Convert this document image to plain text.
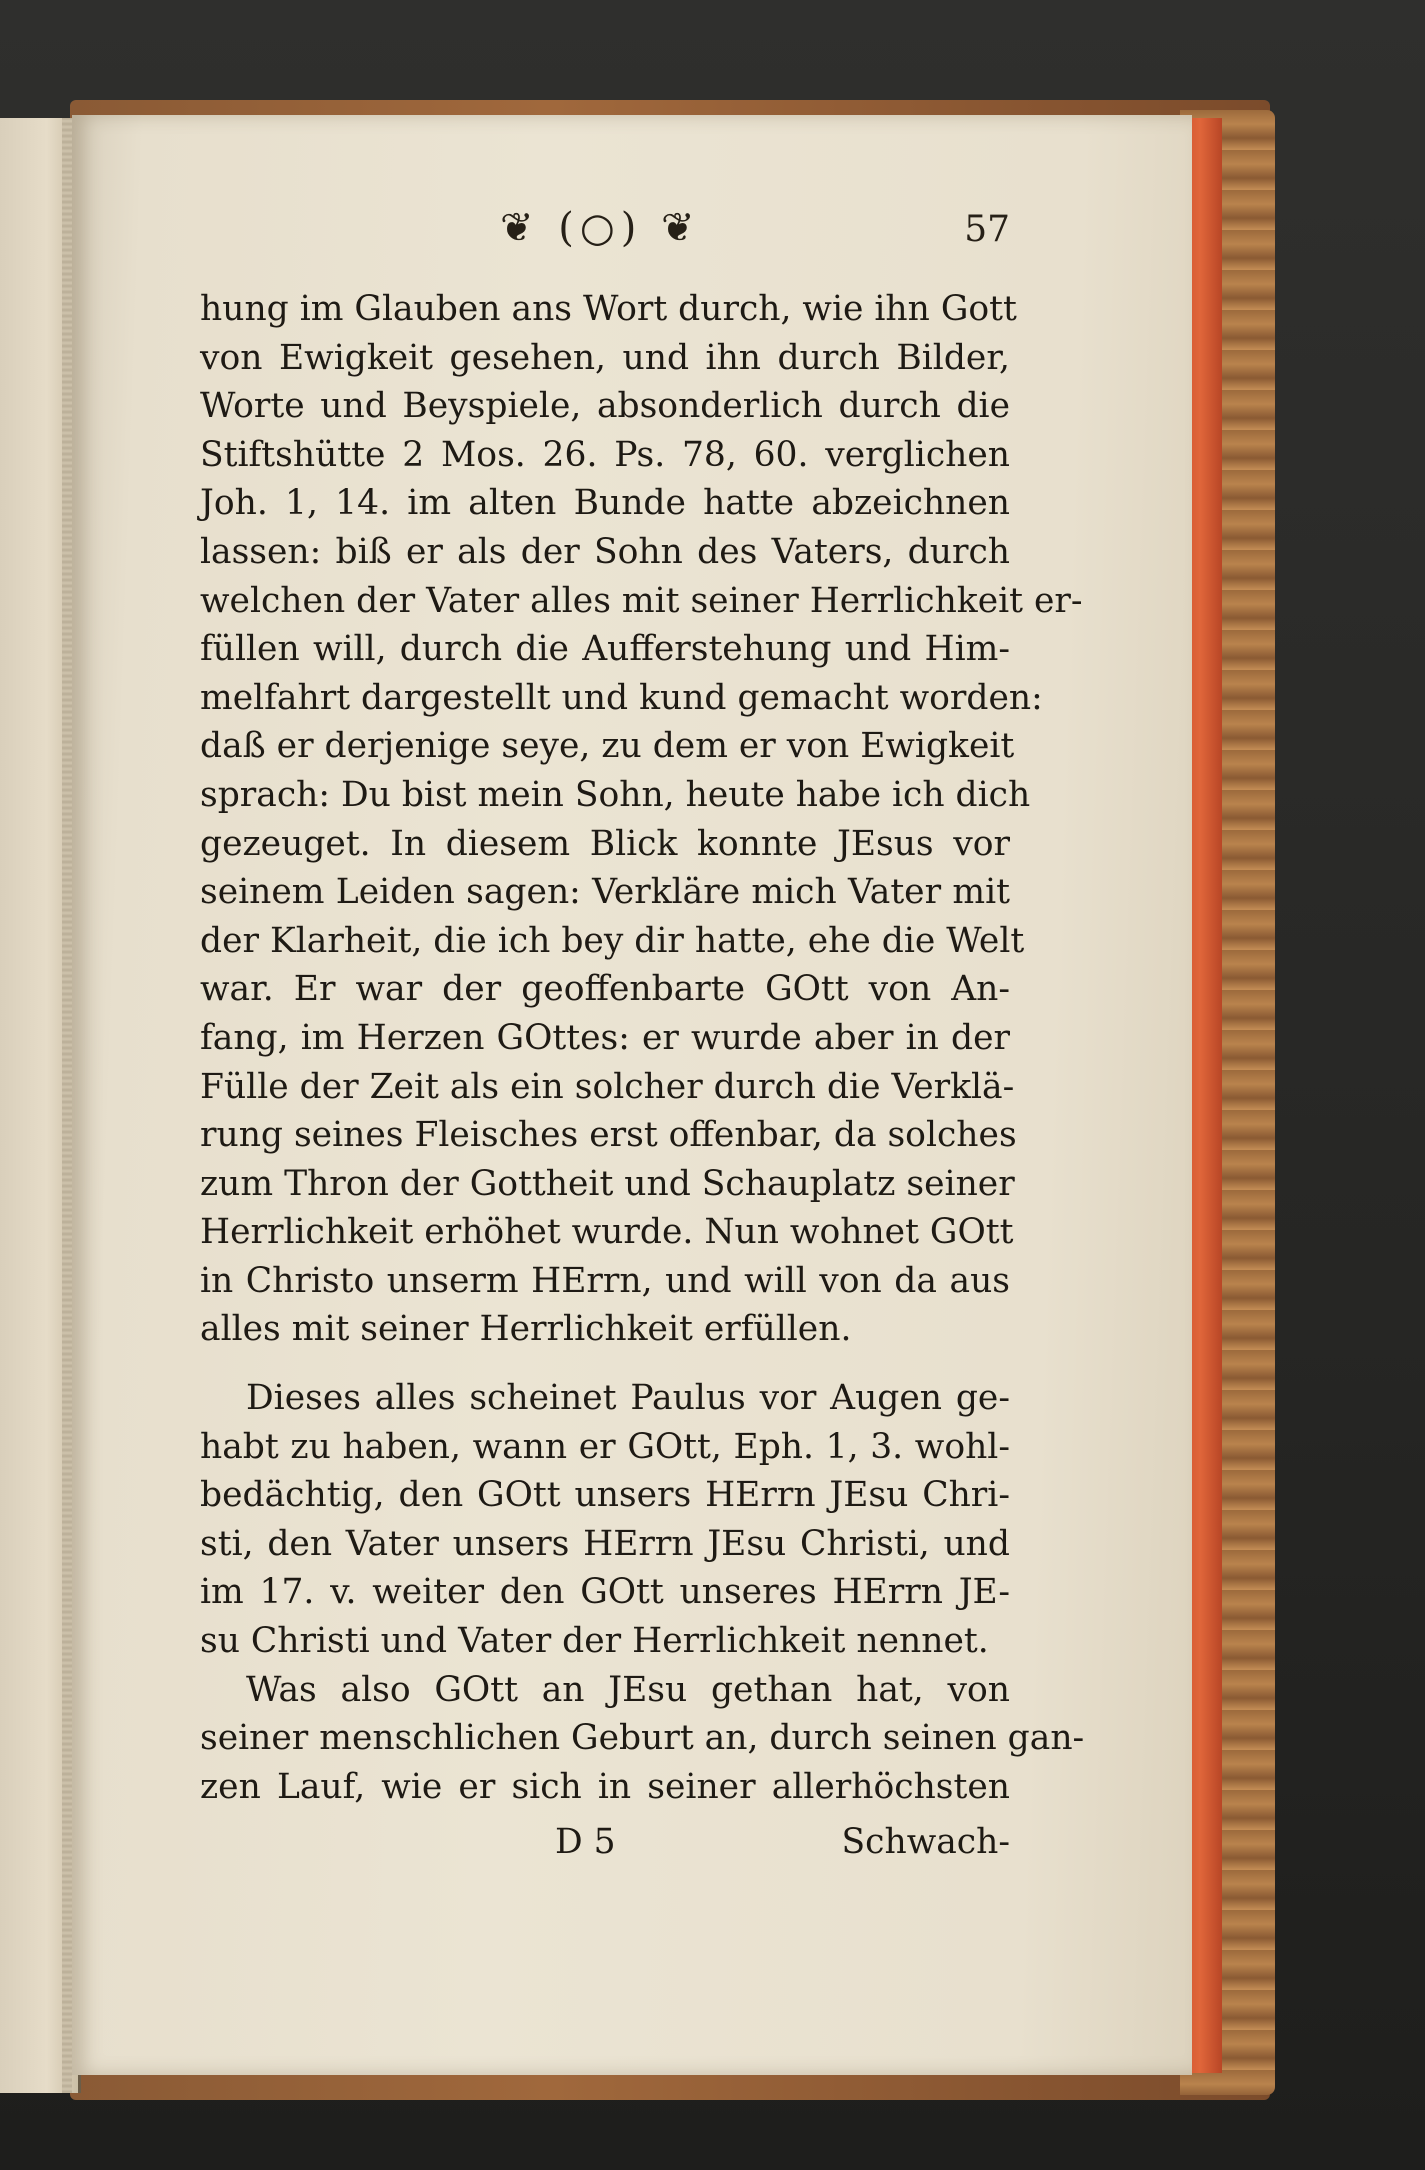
❦ (○) ❦	57
hung im Glauben ans Wort durch, wie ihn Gott
von Ewigkeit gesehen, und ihn durch Bilder,
Worte und Beyspiele, absonderlich durch die
Stiftshütte 2 Mos. 26. Ps. 78, 60. verglichen
Joh. 1, 14. im alten Bunde hatte abzeichnen
lassen: biß er als der Sohn des Vaters, durch
welchen der Vater alles mit seiner Herrlichkeit er-
füllen will, durch die Aufferstehung und Him-
melfahrt dargestellt und kund gemacht worden:
daß er derjenige seye, zu dem er von Ewigkeit
sprach: Du bist mein Sohn, heute habe ich dich
gezeuget. In diesem Blick konnte JEsus vor
seinem Leiden sagen: Verkläre mich Vater mit
der Klarheit, die ich bey dir hatte, ehe die Welt
war. Er war der geoffenbarte GOtt von An-
fang, im Herzen GOttes: er wurde aber in der
Fülle der Zeit als ein solcher durch die Verklä-
rung seines Fleisches erst offenbar, da solches
zum Thron der Gottheit und Schauplatz seiner
Herrlichkeit erhöhet wurde. Nun wohnet GOtt
in Christo unserm HErrn, und will von da aus
alles mit seiner Herrlichkeit erfüllen.
Dieses alles scheinet Paulus vor Augen ge-
habt zu haben, wann er GOtt, Eph. 1, 3. wohl-
bedächtig, den GOtt unsers HErrn JEsu Chri-
sti, den Vater unsers HErrn JEsu Christi, und
im 17. v. weiter den GOtt unseres HErrn JE-
su Christi und Vater der Herrlichkeit nennet.
Was also GOtt an JEsu gethan hat, von
seiner menschlichen Geburt an, durch seinen gan-
zen Lauf, wie er sich in seiner allerhöchsten
D 5	Schwach-
